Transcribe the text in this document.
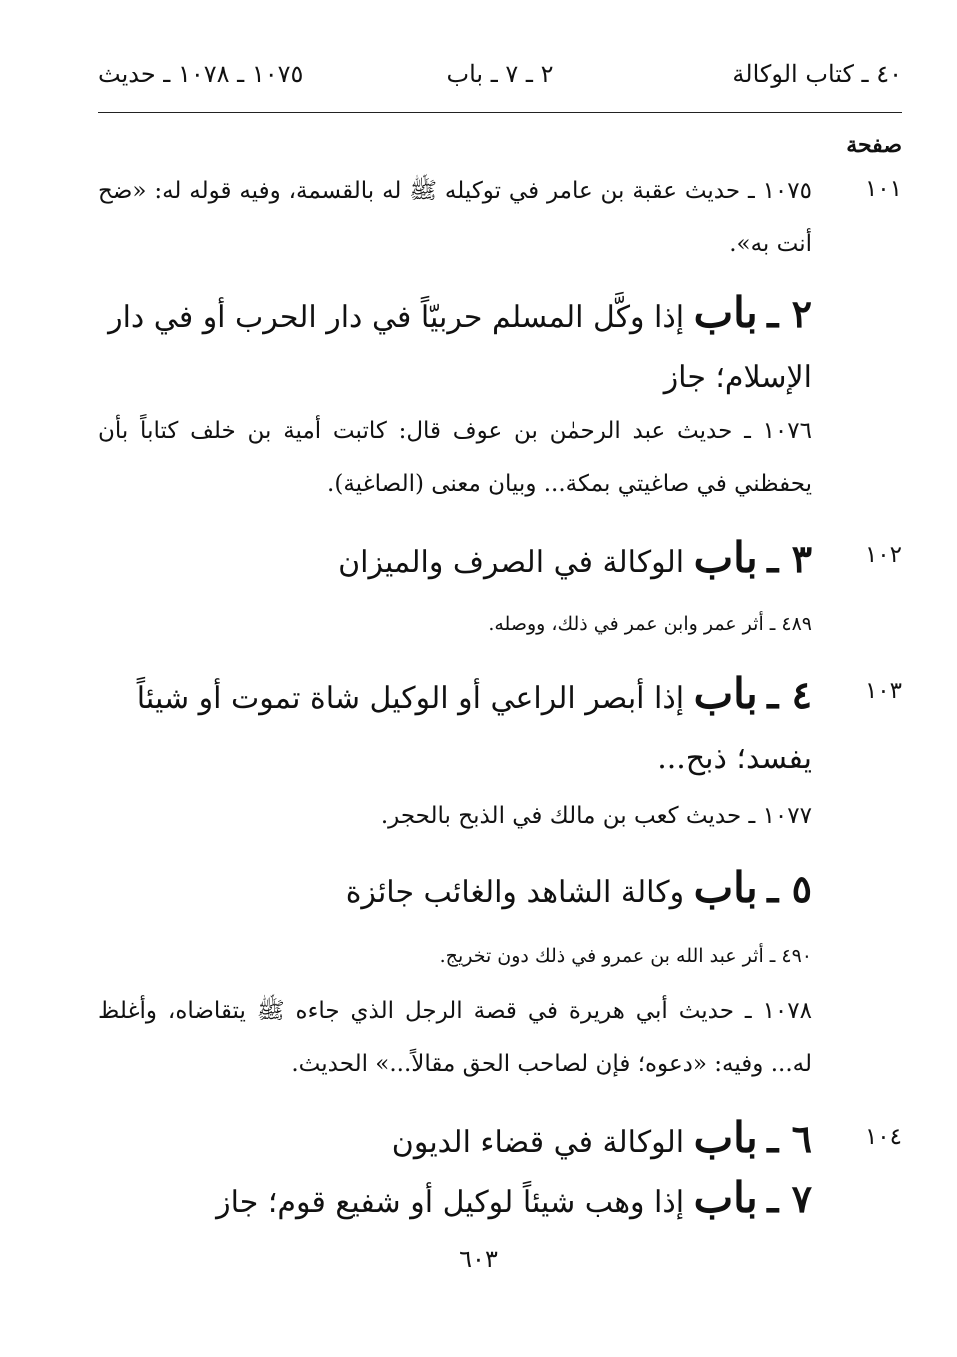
٤٠ ـ كتاب الوكالة
٢ ـ ٧ ـ باب
١٠٧٥ ـ ١٠٧٨ ـ حديث
صفحة
١٠١
١٠٢
١٠٣
١٠٤
١٠٧٥ ـ حديث عقبة بن عامر في توكيله ﷺ له بالقسمة، وفيه قوله له: «ضح أنت به».
٢ ـ باب إذا وكَّل المسلم حربيّاً في دار الحرب أو في دار الإسلام؛ جاز
١٠٧٦ ـ حديث عبد الرحمٰن بن عوف قال: كاتبت أمية بن خلف كتاباً بأن يحفظني في صاغيتي بمكة... وبيان معنى (الصاغية).
٣ ـ باب الوكالة في الصرف والميزان
٤٨٩ ـ أثر عمر وابن عمر في ذلك، ووصله.
٤ ـ باب إذا أبصر الراعي أو الوكيل شاة تموت أو شيئاً يفسد؛ ذبح...
١٠٧٧ ـ حديث كعب بن مالك في الذبح بالحجر.
٥ ـ باب وكالة الشاهد والغائب جائزة
٤٩٠ ـ أثر عبد الله بن عمرو في ذلك دون تخريج.
١٠٧٨ ـ حديث أبي هريرة في قصة الرجل الذي جاءه ﷺ يتقاضاه، وأغلظ له... وفيه: «دعوه؛ فإن لصاحب الحق مقالاً...» الحديث.
٦ ـ باب الوكالة في قضاء الديون
٧ ـ باب إذا وهب شيئاً لوكيل أو شفيع قوم؛ جاز
٦٠٣
